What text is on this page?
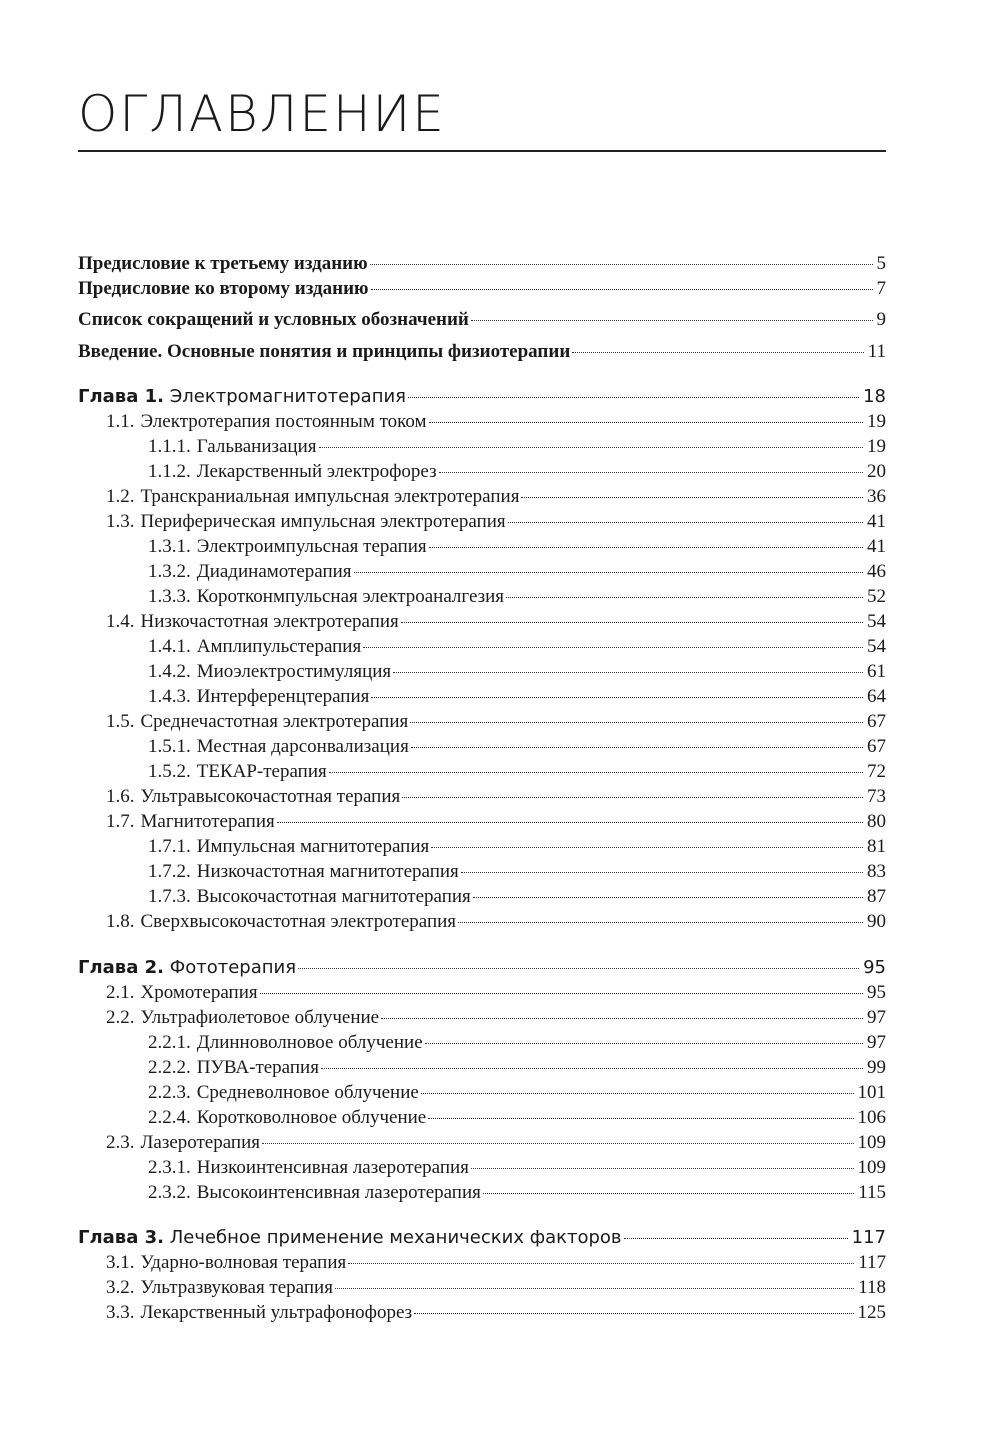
ОГЛАВЛЕНИЕ
Предисловие к третьему изданию	5
Предисловие ко второму изданию	7
Список сокращений и условных обозначений	9
Введение. Основные понятия и принципы физиотерапии	11
Глава 1. Электромагнитотерапия	18
1.1. Электротерапия постоянным током	19
1.1.1. Гальванизация	19
1.1.2. Лекарственный электрофорез	20
1.2. Транскраниальная импульсная электротерапия	36
1.3. Периферическая импульсная электротерапия	41
1.3.1. Электроимпульсная терапия	41
1.3.2. Диадинамотерапия	46
1.3.3. Коротконмпульсная электроаналгезия	52
1.4. Низкочастотная электротерапия	54
1.4.1. Амплипульстерапия	54
1.4.2. Миоэлектростимуляция	61
1.4.3. Интерференцтерапия	64
1.5. Среднечастотная электротерапия	67
1.5.1. Местная дарсонвализация	67
1.5.2. ТЕКАР-терапия	72
1.6. Ультравысокочастотная терапия	73
1.7. Магнитотерапия	80
1.7.1. Импульсная магнитотерапия	81
1.7.2. Низкочастотная магнитотерапия	83
1.7.3. Высокочастотная магнитотерапия	87
1.8. Сверхвысокочастотная электротерапия	90
Глава 2. Фототерапия	95
2.1. Хромотерапия	95
2.2. Ультрафиолетовое облучение	97
2.2.1. Длинноволновое облучение	97
2.2.2. ПУВА-терапия	99
2.2.3. Средневолновое облучение	101
2.2.4. Коротковолновое облучение	106
2.3. Лазеротерапия	109
2.3.1. Низкоинтенсивная лазеротерапия	109
2.3.2. Высокоинтенсивная лазеротерапия	115
Глава 3. Лечебное применение механических факторов	117
3.1. Ударно-волновая терапия	117
3.2. Ультразвуковая терапия	118
3.3. Лекарственный ультрафонофорез	125
